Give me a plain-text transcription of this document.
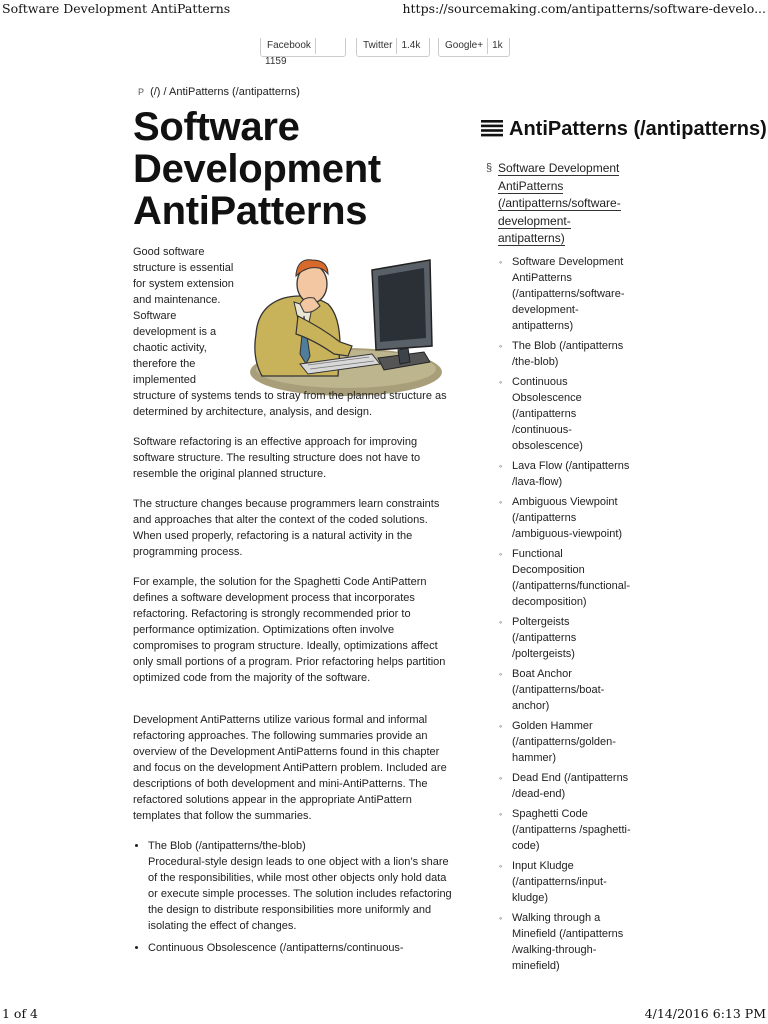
Software Development AntiPatterns	https://sourcemaking.com/antipatterns/software-develo...
Facebook1159
Twitter 1.4k	Google+ 1k
P (/) / AntiPatterns (/antipatterns)
Software Development AntiPatterns

Good software structure is essential for system extension and maintenance. Software development is a chaotic activity, therefore the implemented

structure of systems tends to stray from the planned structure as determined by architecture, analysis, and design.

Software refactoring is an effective approach for improving software structure. The resulting structure does not have to resemble the original planned structure.

The structure changes because programmers learn constraints and approaches that alter the context of the coded solutions. When used properly, refactoring is a natural activity in the programming process.

For example, the solution for the Spaghetti Code AntiPattern defines a software development process that incorporates refactoring. Refactoring is strongly recommended prior to performance optimization. Optimizations often involve compromises to program structure. Ideally, optimizations affect only small portions of a program. Prior refactoring helps partition optimized code from the majority of the software.

Development AntiPatterns utilize various formal and informal refactoring approaches. The following summaries provide an overview of the Development AntiPatterns found in this chapter and focus on the development AntiPattern problem. Included are descriptions of both development and mini-AntiPatterns. The refactored solutions appear in the appropriate AntiPattern templates that follow the summaries.

• The Blob (/antipatterns/the-blob)
Procedural-style design leads to one object with a lion’s share of the responsibilities, while most other objects only hold data or execute simple processes. The solution includes refactoring the design to distribute responsibilities more uniformly and isolating the effect of changes.
• Continuous Obsolescence (/antipatterns/continuous-
AntiPatterns (/antipatterns)
§ Software Development AntiPatterns (/antipatterns/software-development-antipatterns)
◦ Software Development AntiPatterns (/antipatterns/software-development-antipatterns)
◦ The Blob (/antipatterns /the-blob)
◦ Continuous Obsolescence (/antipatterns /continuous-obsolescence)
◦ Lava Flow (/antipatterns /lava-flow)
◦ Ambiguous Viewpoint (/antipatterns /ambiguous-viewpoint)
◦ Functional Decomposition (/antipatterns/functional-decomposition)
◦ Poltergeists (/antipatterns /poltergeists)
◦ Boat Anchor (/antipatterns/boat-anchor)
◦ Golden Hammer (/antipatterns/golden-hammer)
◦ Dead End (/antipatterns /dead-end)
◦ Spaghetti Code (/antipatterns /spaghetti-code)
◦ Input Kludge (/antipatterns/input-kludge)
◦ Walking through a Minefield (/antipatterns /walking-through-minefield)
1 of 4	4/14/2016 6:13 PM
